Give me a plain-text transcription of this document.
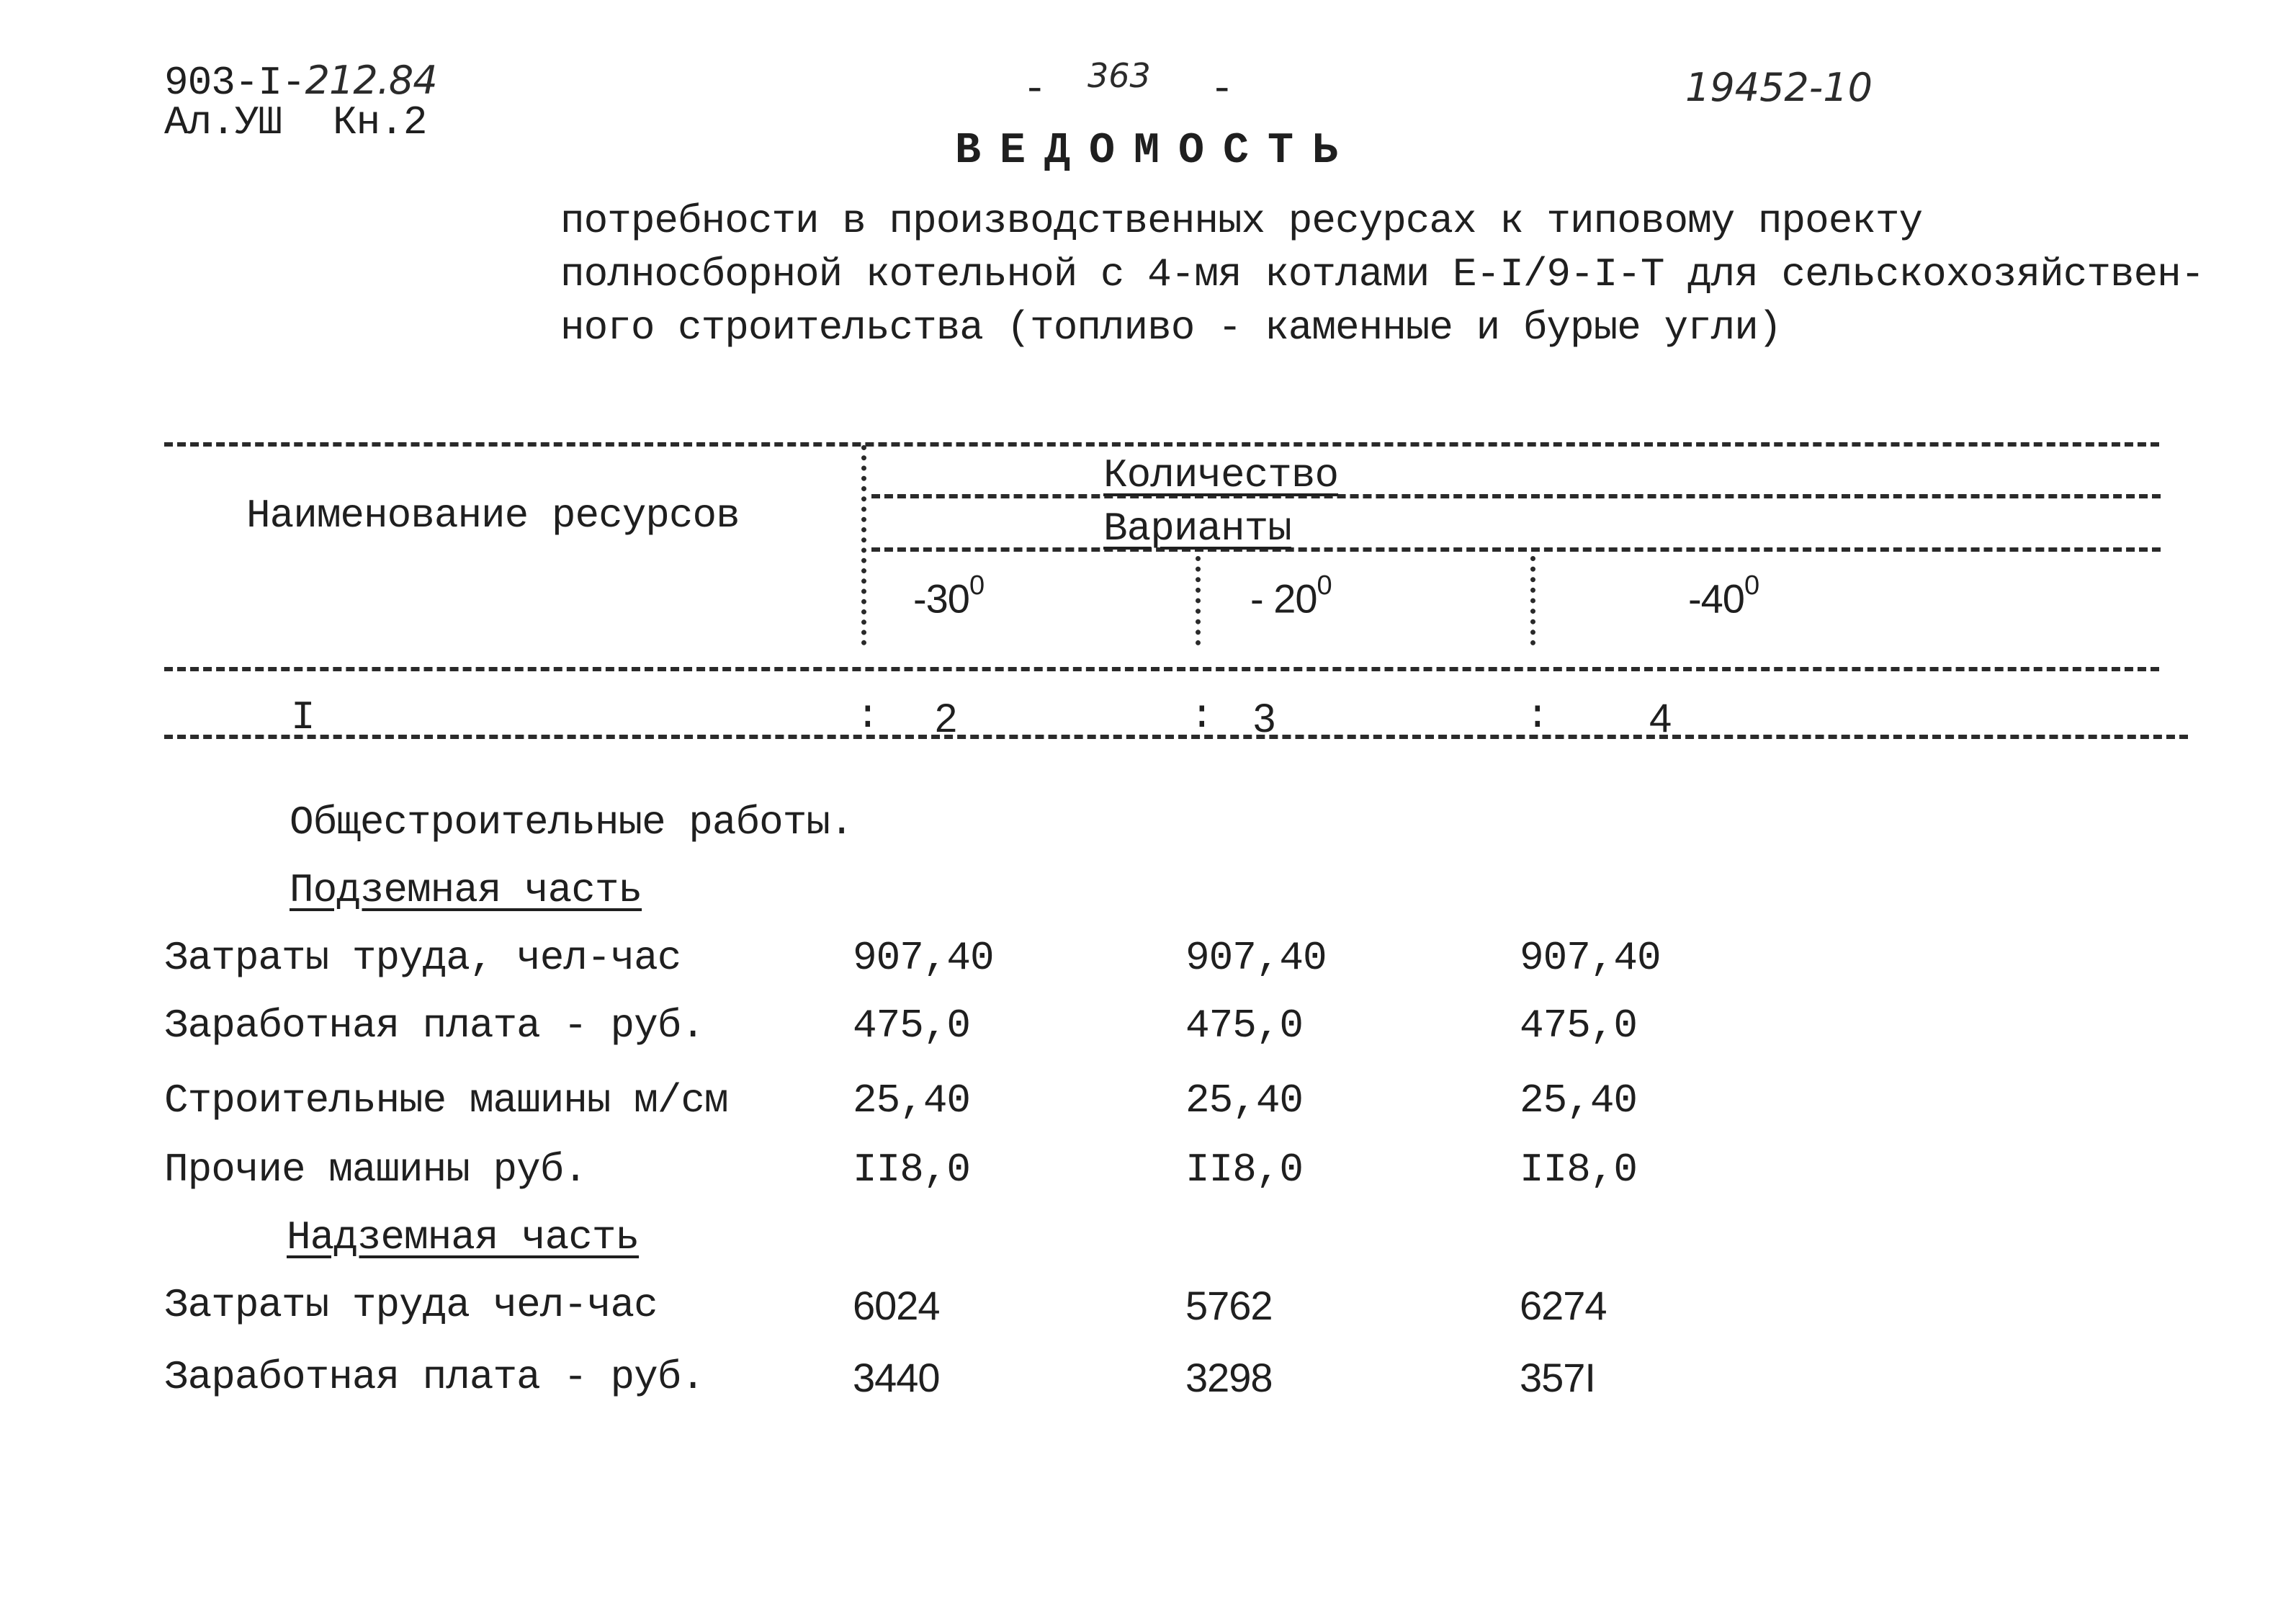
903-I-212.84
Ал.УШ Кн.2
- 363 -	19452-10
ВЕДОМОСТЬ
потребности в производственных ресурсах к типовому проекту
полносборной котельной с 4-мя котлами Е-I/9-I-Т для сельскохозяйствен-
ного строительства (топливо - каменные и бурые угли)
Наименование ресурсов
Количество
Варианты
$-30^0$	- $20^0$	$-40^0$
I	: 2	: 3	: 4
Общестроительные работы.
Подземная часть
Затраты труда, чел-час	907,40	907,40	907,40
Заработная плата - руб.	475,0	475,0	475,0
Строительные машины м/см	25,40	25,40	25,40
Прочие машины руб.	II8,0	II8,0	II8,0
Надземная часть
Затраты труда чел-час	6024	5762	6274
Заработная плата - руб.	3440	3298	357I
